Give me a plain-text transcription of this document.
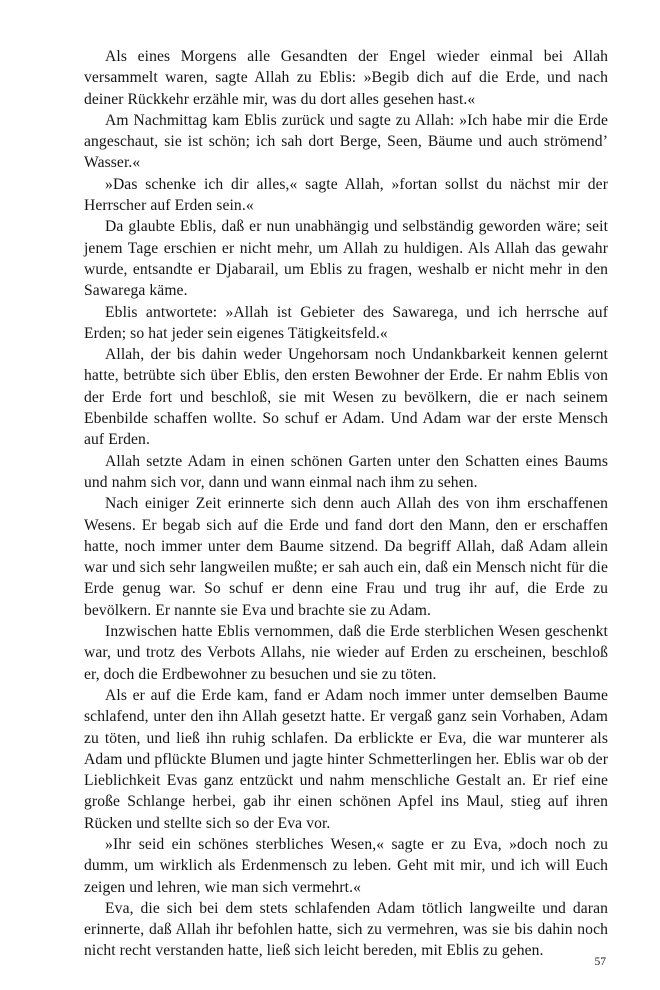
Als eines Morgens alle Gesandten der Engel wieder einmal bei Allah versammelt waren, sagte Allah zu Eblis: »Begib dich auf die Erde, und nach deiner Rückkehr erzähle mir, was du dort alles gesehen hast.«

Am Nachmittag kam Eblis zurück und sagte zu Allah: »Ich habe mir die Erde angeschaut, sie ist schön; ich sah dort Berge, Seen, Bäume und auch strömend’ Wasser.«

»Das schenke ich dir alles,« sagte Allah, »fortan sollst du nächst mir der Herrscher auf Erden sein.«

Da glaubte Eblis, daß er nun unabhängig und selbständig geworden wäre; seit jenem Tage erschien er nicht mehr, um Allah zu huldigen. Als Allah das gewahr wurde, entsandte er Djabarail, um Eblis zu fragen, weshalb er nicht mehr in den Sawarega käme.

Eblis antwortete: »Allah ist Gebieter des Sawarega, und ich herrsche auf Erden; so hat jeder sein eigenes Tätigkeitsfeld.«

Allah, der bis dahin weder Ungehorsam noch Undankbarkeit kennen gelernt hatte, betrübte sich über Eblis, den ersten Bewohner der Erde. Er nahm Eblis von der Erde fort und beschloß, sie mit Wesen zu bevölkern, die er nach seinem Ebenbilde schaffen wollte. So schuf er Adam. Und Adam war der erste Mensch auf Erden.

Allah setzte Adam in einen schönen Garten unter den Schatten eines Baums und nahm sich vor, dann und wann einmal nach ihm zu sehen.

Nach einiger Zeit erinnerte sich denn auch Allah des von ihm erschaffenen Wesens. Er begab sich auf die Erde und fand dort den Mann, den er erschaffen hatte, noch immer unter dem Baume sitzend. Da begriff Allah, daß Adam allein war und sich sehr langweilen mußte; er sah auch ein, daß ein Mensch nicht für die Erde genug war. So schuf er denn eine Frau und trug ihr auf, die Erde zu bevölkern. Er nannte sie Eva und brachte sie zu Adam.

Inzwischen hatte Eblis vernommen, daß die Erde sterblichen Wesen geschenkt war, und trotz des Verbots Allahs, nie wieder auf Erden zu erscheinen, beschloß er, doch die Erdbewohner zu besuchen und sie zu töten.

Als er auf die Erde kam, fand er Adam noch immer unter demselben Baume schlafend, unter den ihn Allah gesetzt hatte. Er vergaß ganz sein Vorhaben, Adam zu töten, und ließ ihn ruhig schlafen. Da erblickte er Eva, die war munterer als Adam und pflückte Blumen und jagte hinter Schmetterlingen her. Eblis war ob der Lieblichkeit Evas ganz entzückt und nahm menschliche Gestalt an. Er rief eine große Schlange herbei, gab ihr einen schönen Apfel ins Maul, stieg auf ihren Rücken und stellte sich so der Eva vor.

»Ihr seid ein schönes sterbliches Wesen,« sagte er zu Eva, »doch noch zu dumm, um wirklich als Erdenmensch zu leben. Geht mit mir, und ich will Euch zeigen und lehren, wie man sich vermehrt.«

Eva, die sich bei dem stets schlafenden Adam tötlich langweilte und daran erinnerte, daß Allah ihr befohlen hatte, sich zu vermehren, was sie bis dahin noch nicht recht verstanden hatte, ließ sich leicht bereden, mit Eblis zu gehen.

57
